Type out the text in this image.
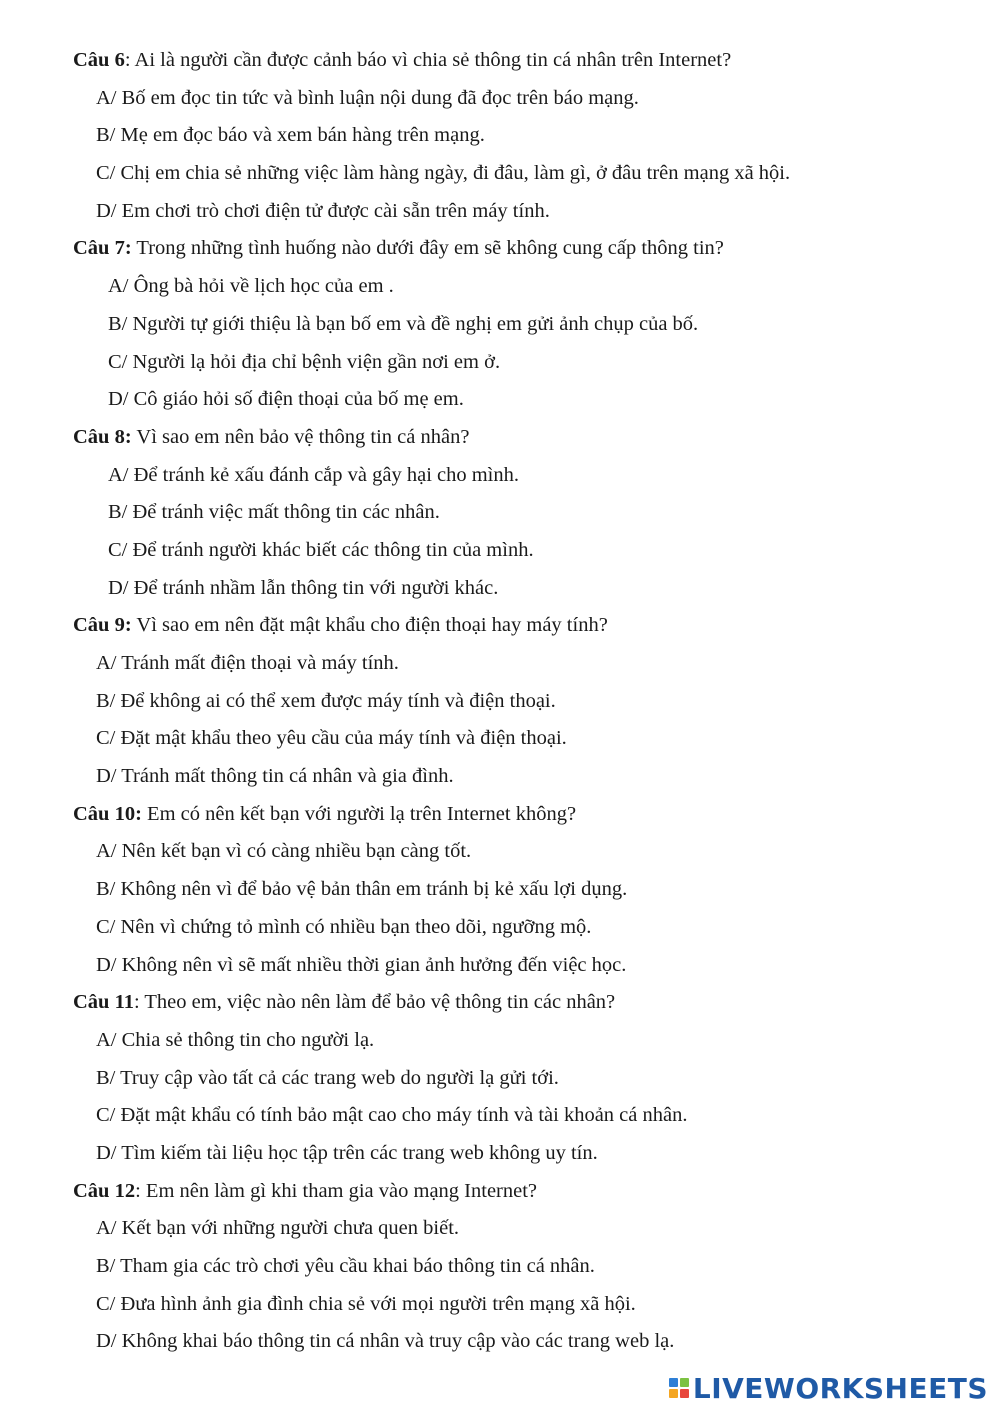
Câu 6: Ai là người cần được cảnh báo vì chia sẻ thông tin cá nhân trên Internet?
A/ Bố em đọc tin tức và bình luận nội dung đã đọc trên báo mạng.
B/ Mẹ em đọc báo và xem bán hàng trên mạng.
C/ Chị em chia sẻ những việc làm hàng ngày, đi đâu, làm gì, ở đâu trên mạng xã hội.
D/ Em chơi trò chơi điện tử được cài sẵn trên máy tính.
Câu 7: Trong những tình huống nào dưới đây em sẽ không cung cấp thông tin?
A/ Ông bà hỏi về lịch học của em .
B/ Người tự giới thiệu là bạn bố em và đề nghị em gửi ảnh chụp của bố.
C/ Người lạ hỏi địa chỉ bệnh viện gần nơi em ở.
D/ Cô giáo hỏi số điện thoại của bố mẹ em.
Câu 8: Vì sao em nên bảo vệ thông tin cá nhân?
A/ Để tránh kẻ xấu đánh cắp và gây hại cho mình.
B/ Để tránh việc mất thông tin các nhân.
C/ Để tránh người khác biết các thông tin của mình.
D/ Để tránh nhầm lẫn thông tin với người khác.
Câu 9: Vì sao em nên đặt mật khẩu cho điện thoại hay máy tính?
A/ Tránh mất điện thoại và máy tính.
B/ Để không ai có thể xem được máy tính và điện thoại.
C/ Đặt mật khẩu theo yêu cầu của máy tính và điện thoại.
D/ Tránh mất thông tin cá nhân và gia đình.
Câu 10: Em có nên kết bạn với người lạ trên Internet không?
A/ Nên kết bạn vì có càng nhiều bạn càng tốt.
B/ Không nên vì để bảo vệ bản thân em tránh bị kẻ xấu lợi dụng.
C/ Nên vì chứng tỏ mình có nhiều bạn theo dõi, ngưỡng mộ.
D/ Không nên vì sẽ mất nhiều thời gian ảnh hưởng đến việc học.
Câu 11: Theo em, việc nào nên làm để bảo vệ thông tin các nhân?
A/ Chia sẻ thông tin cho người lạ.
B/ Truy cập vào tất cả các trang web do người lạ gửi tới.
C/ Đặt mật khẩu có tính bảo mật cao cho máy tính và tài khoản cá nhân.
D/ Tìm kiếm tài liệu học tập trên các trang web không uy tín.
Câu 12: Em nên làm gì khi tham gia vào mạng Internet?
A/ Kết bạn với những người chưa quen biết.
B/ Tham gia các trò chơi yêu cầu khai báo thông tin cá nhân.
C/ Đưa hình ảnh gia đình chia sẻ với mọi người trên mạng xã hội.
D/ Không khai báo thông tin cá nhân và truy cập vào các trang web lạ.
LIVEWORKSHEETS
